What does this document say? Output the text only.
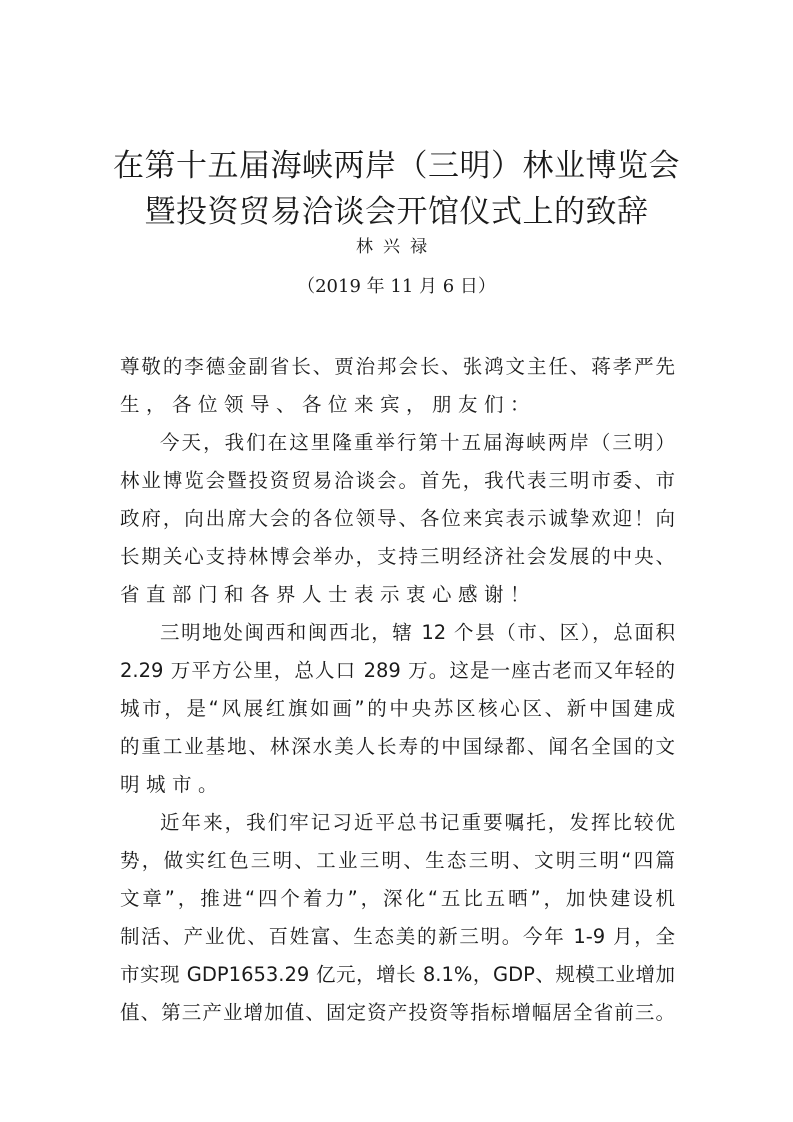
在第十五届海峡两岸（三明）林业博览会
暨投资贸易洽谈会开馆仪式上的致辞
林兴禄
（2019 年 11 月 6 日）
尊敬的李德金副省长、贾治邦会长、张鸿文主任、蒋孝严先
生，各位领导、各位来宾，朋友们：
今天，我们在这里隆重举行第十五届海峡两岸（三明）
林业博览会暨投资贸易洽谈会。首先，我代表三明市委、市
政府，向出席大会的各位领导、各位来宾表示诚挚欢迎！向
长期关心支持林博会举办，支持三明经济社会发展的中央、
省直部门和各界人士表示衷心感谢！
三明地处闽西和闽西北，辖 12 个县（市、区），总面积
2.29 万平方公里，总人口 289 万。这是一座古老而又年轻的
城市，是“风展红旗如画”的中央苏区核心区、新中国建成
的重工业基地、林深水美人长寿的中国绿都、闻名全国的文
明城市。
近年来，我们牢记习近平总书记重要嘱托，发挥比较优
势，做实红色三明、工业三明、生态三明、文明三明“四篇
文章”，推进“四个着力”，深化“五比五晒”，加快建设机
制活、产业优、百姓富、生态美的新三明。今年 1-9 月，全
市实现 GDP1653.29 亿元，增长 8.1%，GDP、规模工业增加
值、第三产业增加值、固定资产投资等指标增幅居全省前三。
